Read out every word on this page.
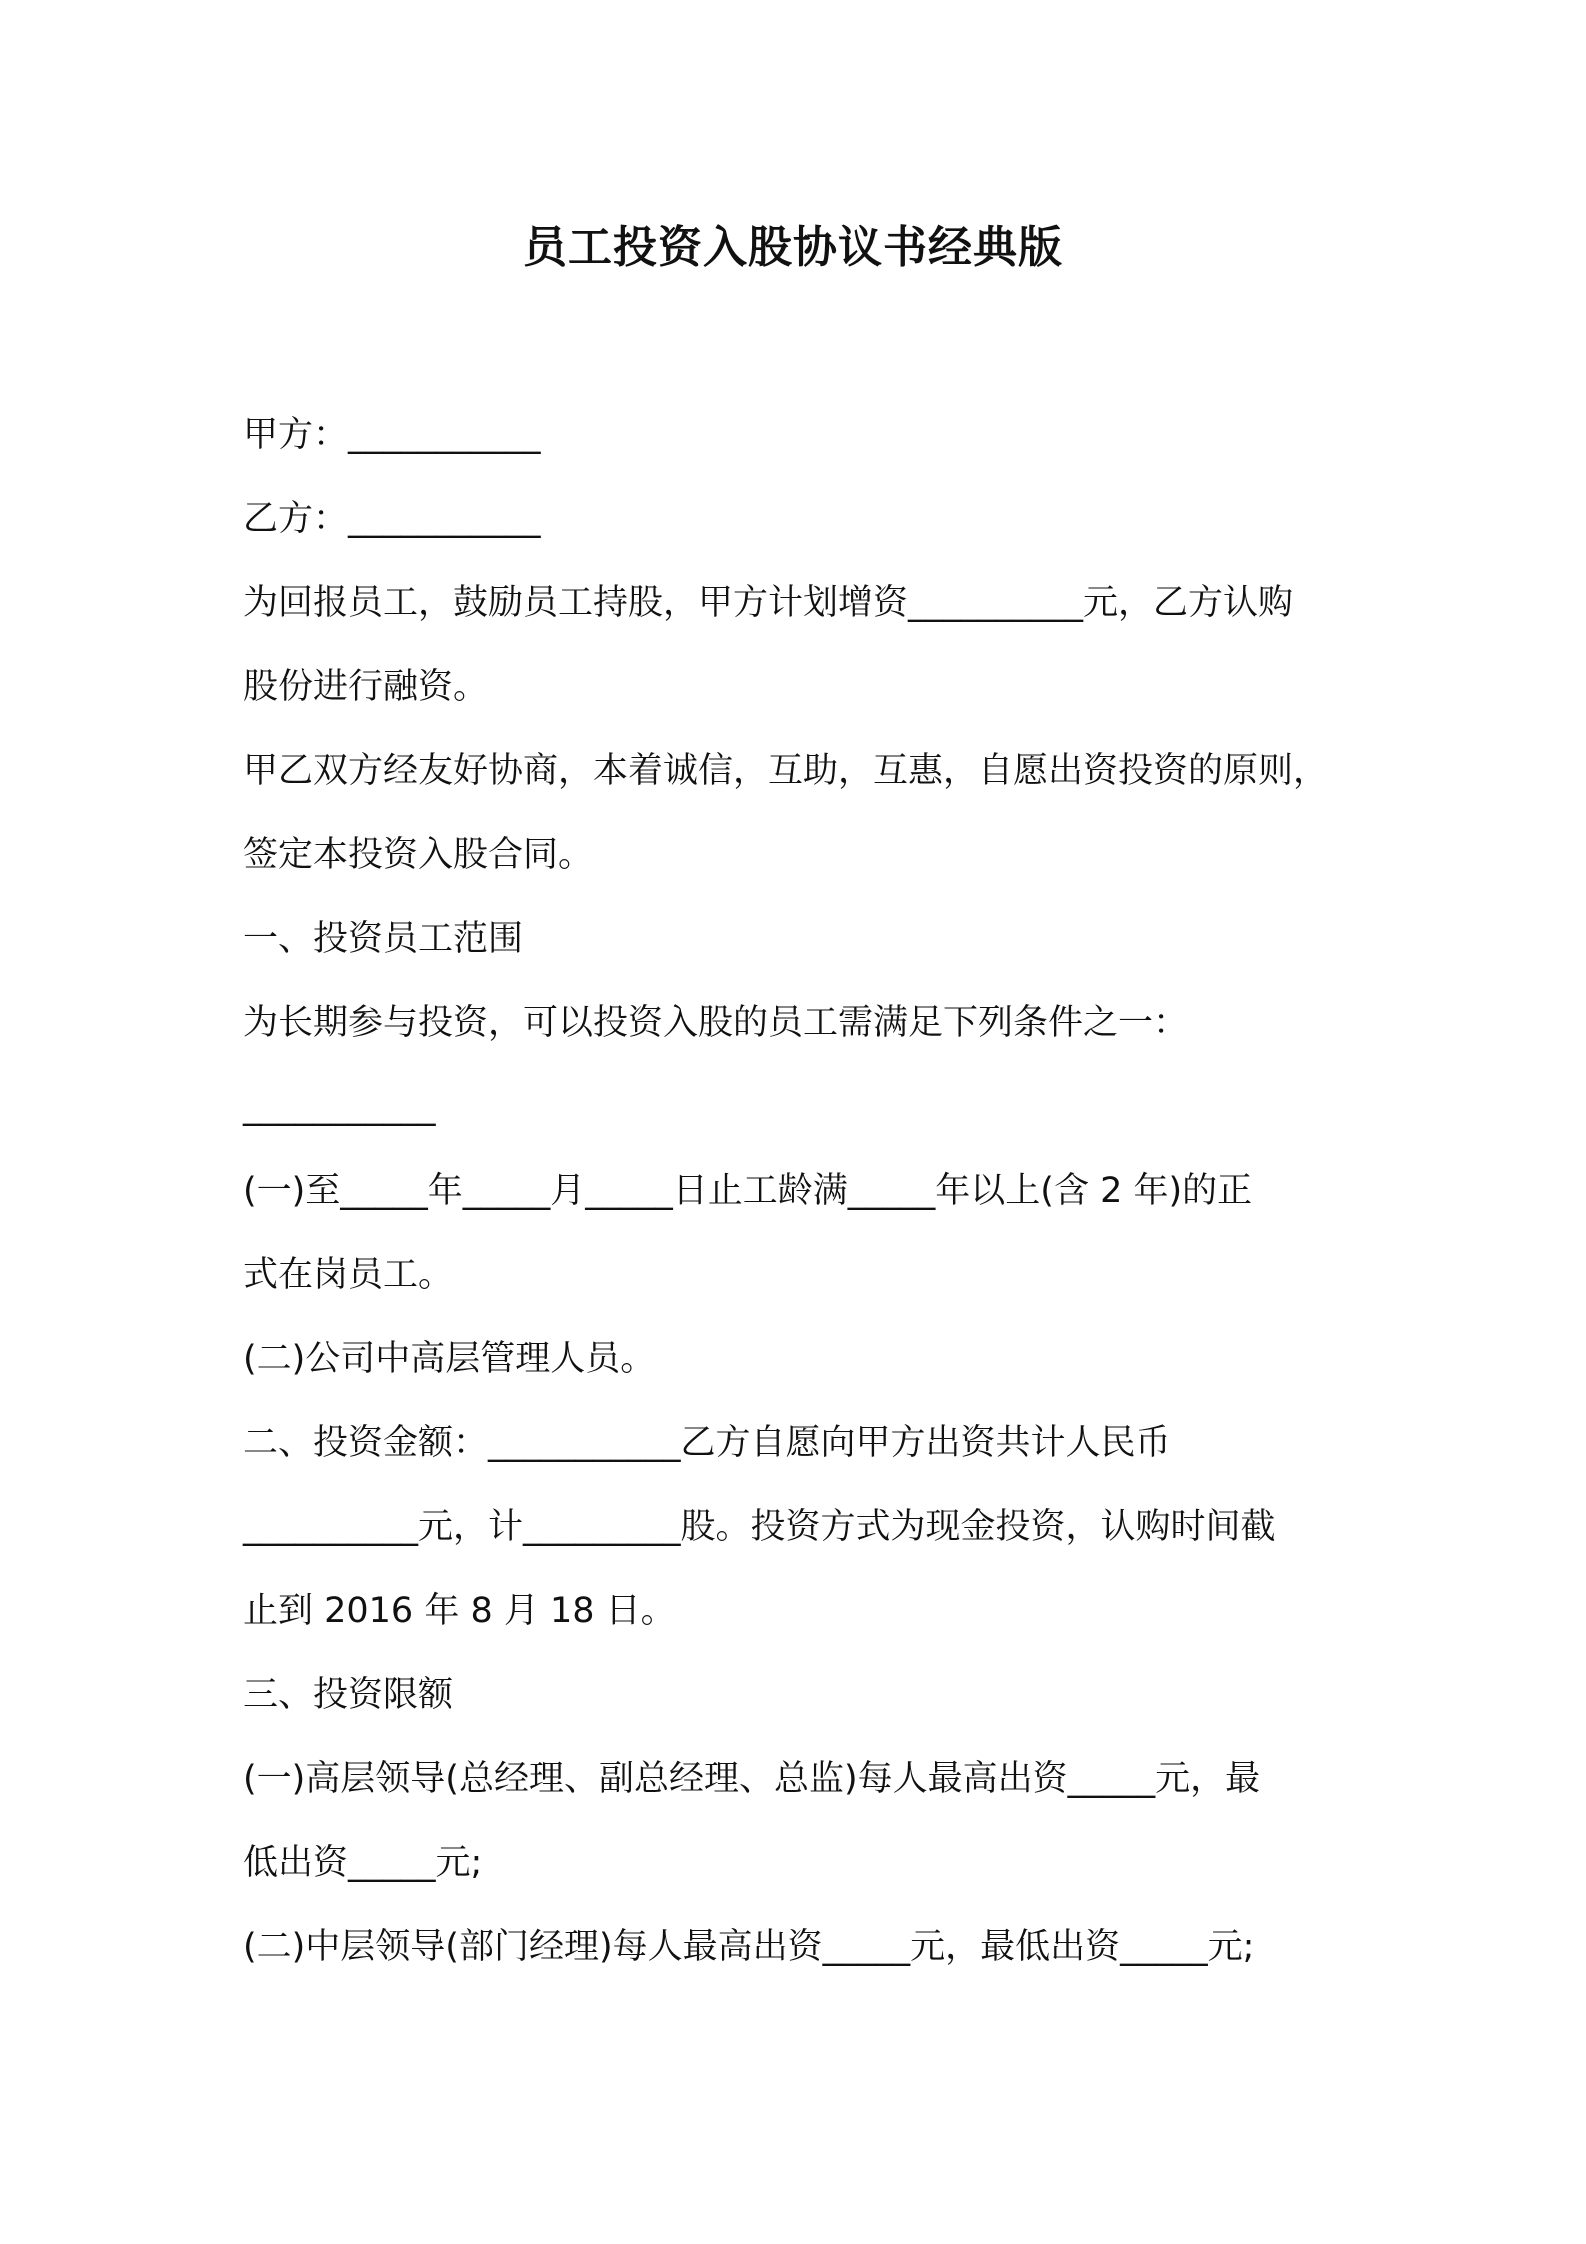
员工投资入股协议书经典版
甲方：___________
乙方：___________
为回报员工，鼓励员工持股，甲方计划增资__________元，乙方认购
股份进行融资。
甲乙双方经友好协商，本着诚信，互助，互惠，自愿出资投资的原则，
签定本投资入股合同。
一、投资员工范围
为长期参与投资，可以投资入股的员工需满足下列条件之一：
___________
(一)至_____年_____月_____日止工龄满_____年以上(含 2 年)的正
式在岗员工。
(二)公司中高层管理人员。
二、投资金额：___________乙方自愿向甲方出资共计人民币
__________元，计_________股。投资方式为现金投资，认购时间截
止到 2016 年 8 月 18 日。
三、投资限额
(一)高层领导(总经理、副总经理、总监)每人最高出资_____元，最
低出资_____元;
(二)中层领导(部门经理)每人最高出资_____元，最低出资_____元;
